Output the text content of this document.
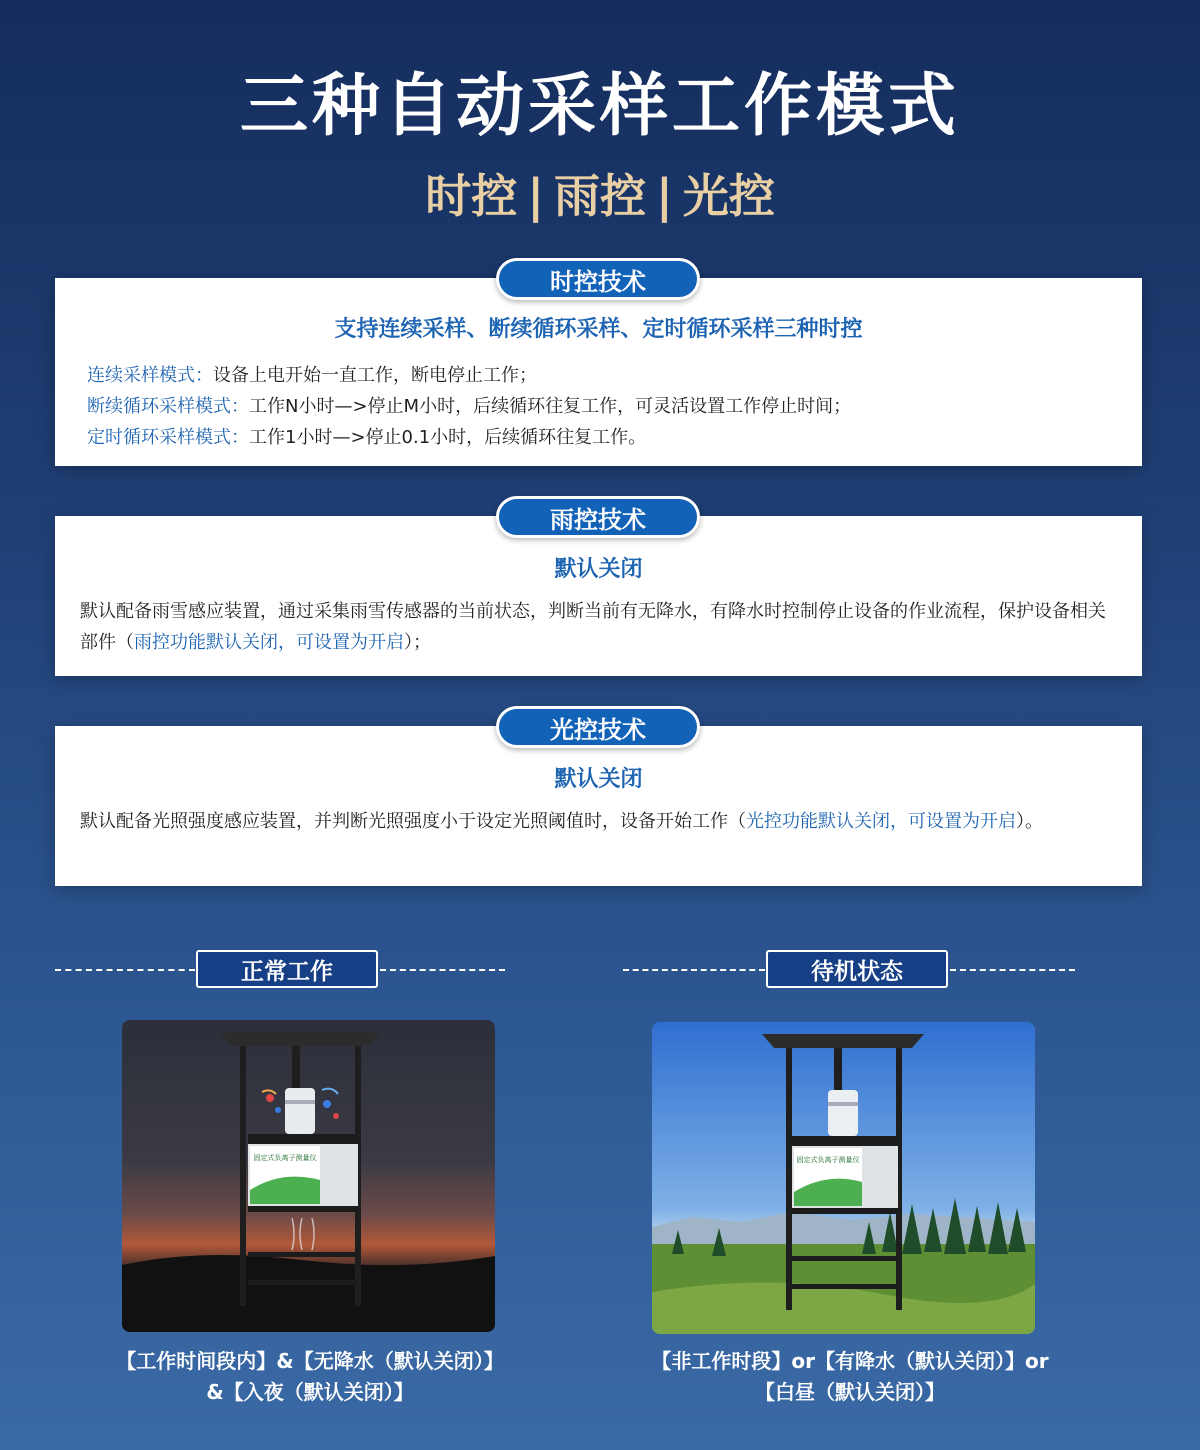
三种自动采样工作模式
时控 | 雨控 | 光控
支持连续采样、断续循环采样、定时循环采样三种时控
连续采样模式：设备上电开始一直工作，断电停止工作；
断续循环采样模式：工作N小时—>停止M小时，后续循环往复工作，可灵活设置工作停止时间；
定时循环采样模式：工作1小时—>停止0.1小时，后续循环往复工作。
时控技术
默认关闭
默认配备雨雪感应装置，通过采集雨雪传感器的当前状态，判断当前有无降水，有降水时控制停止设备的作业流程，保护设备相关部件（雨控功能默认关闭，可设置为开启）；
雨控技术
默认关闭
默认配备光照强度感应装置，并判断光照强度小于设定光照阈值时，设备开始工作（光控功能默认关闭，可设置为开启）。
光控技术
正常工作	待机状态
固定式负离子测量仪	固定式负离子测量仪
【工作时间段内】&【无降水（默认关闭）】
&【入夜（默认关闭）】
【非工作时段】or【有降水（默认关闭）】or
【白昼（默认关闭）】
